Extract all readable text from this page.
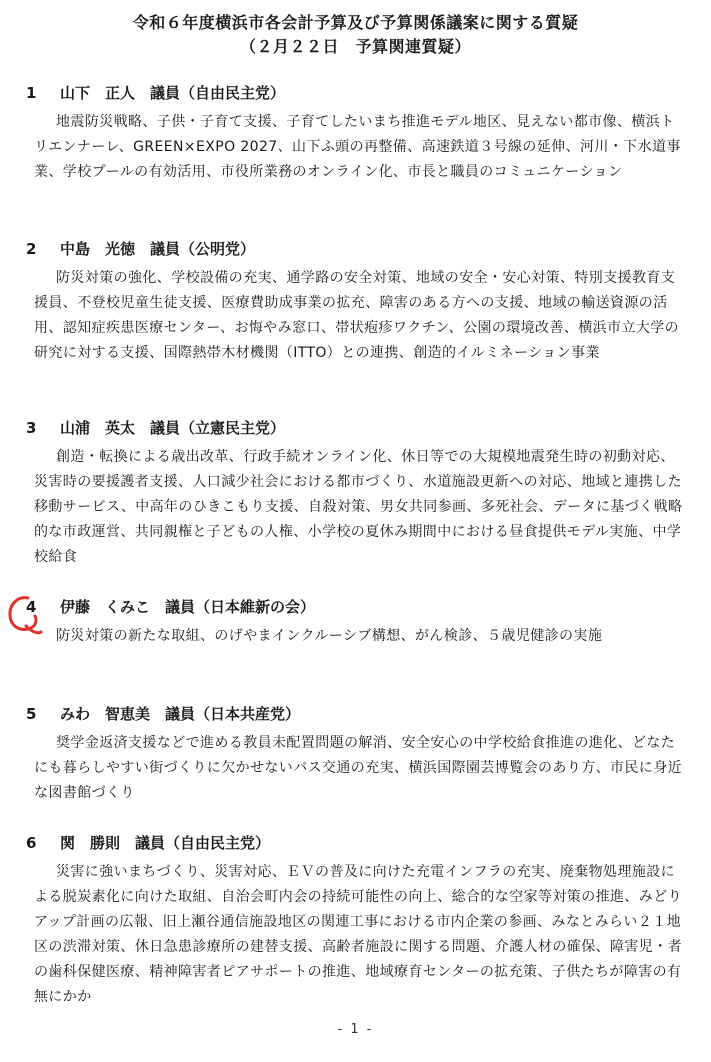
令和６年度横浜市各会計予算及び予算関係議案に関する質疑
（２月２２日　予算関連質疑）
1 山下　正人　 議員（自由民主党）
地震防災戦略、子供・子育て支援、子育てしたいまち推進モデル地区、見えない都市像、横浜トリエンナーレ、GREEN×EXPO 2027、山下ふ頭の再整備、高速鉄道３号線の延伸、河川・下水道事業、学校プールの有効活用、市役所業務のオンライン化、市長と職員のコミュニケーション
2 中島　光徳　 議員（公明党）
防災対策の強化、学校設備の充実、通学路の安全対策、地域の安全・安心対策、特別支援教育支援員、不登校児童生徒支援、医療費助成事業の拡充、障害のある方への支援、地域の輸送資源の活用、認知症疾患医療センター、お悔やみ窓口、帯状疱疹ワクチン、公園の環境改善、横浜市立大学の研究に対する支援、国際熱帯木材機関（ITTO）との連携、創造的イルミネーション事業
3 山浦　英太　 議員（立憲民主党）
創造・転換による歳出改革、行政手続オンライン化、休日等での大規模地震発生時の初動対応、災害時の要援護者支援、人口減少社会における都市づくり、水道施設更新への対応、地域と連携した移動サービス、中高年のひきこもり支援、自殺対策、男女共同参画、多死社会、データに基づく戦略的な市政運営、共同親権と子どもの人権、小学校の夏休み期間中における昼食提供モデル実施、中学校給食
4 伊藤　くみこ　 議員（日本維新の会）
防災対策の新たな取組、のげやまインクルーシブ構想、がん検診、５歳児健診の実施
5 みわ　智恵美　 議員（日本共産党）
奨学金返済支援などで進める教員未配置問題の解消、安全安心の中学校給食推進の進化、どなたにも暮らしやすい街づくりに欠かせないバス交通の充実、横浜国際園芸博覧会のあり方、市民に身近な図書館づくり
6 関　勝則　 議員（自由民主党）
災害に強いまちづくり、災害対応、ＥＶの普及に向けた充電インフラの充実、廃棄物処理施設による脱炭素化に向けた取組、自治会町内会の持続可能性の向上、総合的な空家等対策の推進、みどりアップ計画の広報、旧上瀬谷通信施設地区の関連工事における市内企業の参画、みなとみらい２１地区の渋滞対策、休日急患診療所の建替支援、高齢者施設に関する問題、介護人材の確保、障害児・者の歯科保健医療、精神障害者ピアサポートの推進、地域療育センターの拡充策、子供たちが障害の有無にかか
- 1 -
